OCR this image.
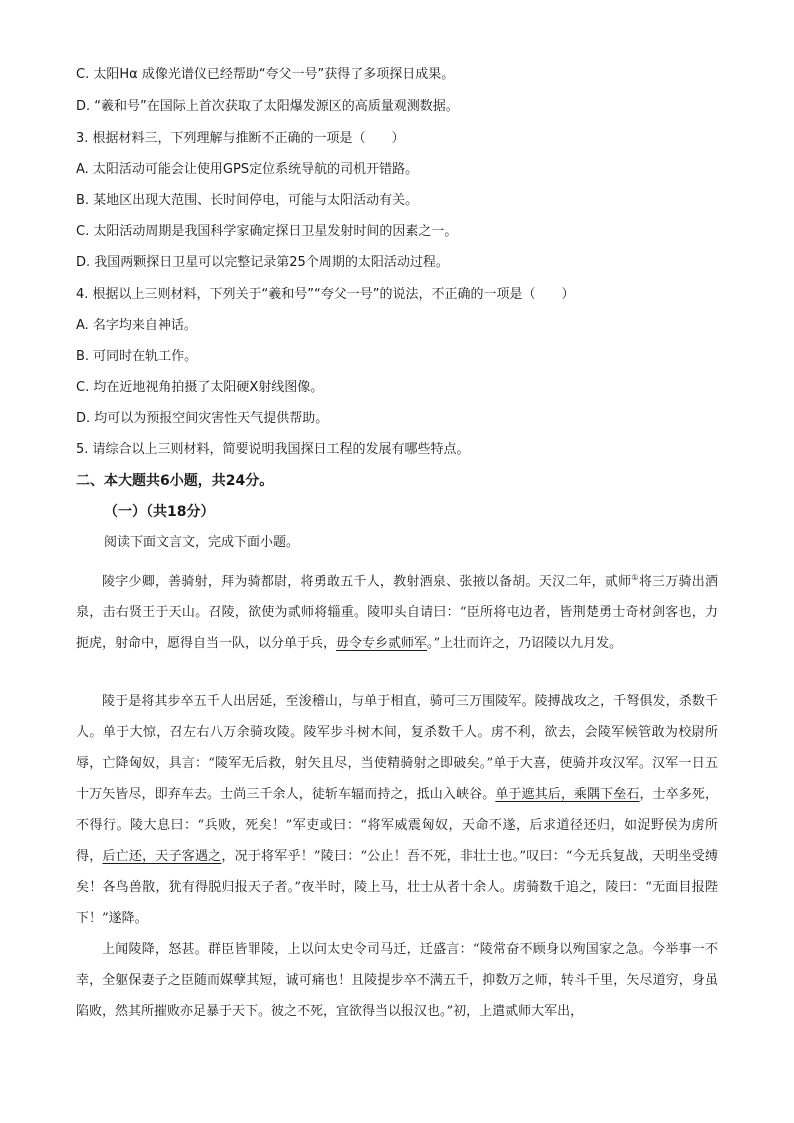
C. 太阳Hα 成像光谱仪已经帮助“夸父一号”获得了多项探日成果。
D. “羲和号”在国际上首次获取了太阳爆发源区的高质量观测数据。
3. 根据材料三，下列理解与推断不正确的一项是（　　）
A. 太阳活动可能会让使用GPS定位系统导航的司机开错路。
B. 某地区出现大范围、长时间停电，可能与太阳活动有关。
C. 太阳活动周期是我国科学家确定探日卫星发射时间的因素之一。
D. 我国两颗探日卫星可以完整记录第25个周期的太阳活动过程。
4. 根据以上三则材料，下列关于“羲和号”“夸父一号”的说法，不正确的一项是（　　）
A. 名字均来自神话。
B. 可同时在轨工作。
C. 均在近地视角拍摄了太阳硬X射线图像。
D. 均可以为预报空间灾害性天气提供帮助。
5. 请综合以上三则材料，简要说明我国探日工程的发展有哪些特点。
二、本大题共6小题，共24分。
（一）（共18分）
阅读下面文言文，完成下面小题。

陵字少卿，善骑射，拜为骑都尉，将勇敢五千人，教射酒泉、张掖以备胡。天汉二年，贰师①将三万骑出酒泉，击右贤王于天山。召陵，欲使为贰师将辎重。陵叩头自请曰：“臣所将屯边者，皆荆楚勇士奇材剑客也，力扼虎，射命中，愿得自当一队，以分单于兵，毋令专乡贰师军。”上壮而许之，乃诏陵以九月发。

陵于是将其步卒五千人出居延，至浚稽山，与单于相直，骑可三万围陵军。陵搏战攻之，千弩俱发，杀数千人。单于大惊，召左右八万余骑攻陵。陵军步斗树木间，复杀数千人。虏不利，欲去，会陵军候管敢为校尉所辱，亡降匈奴，具言：“陵军无后救，射矢且尽，当使精骑射之即破矣。”单于大喜，使骑并攻汉军。汉军一日五十万矢皆尽，即弃车去。士尚三千余人，徒斩车辐而持之，抵山入峡谷。单于遮其后，乘隅下垒石，士卒多死，不得行。陵大息曰：“兵败，死矣！”军吏或曰：“将军威震匈奴，天命不遂，后求道径还归，如浞野侯为虏所得，后亡还，天子客遇之，况于将军乎！”陵曰：“公止！吾不死，非壮士也。”叹曰：“今无兵复战，天明坐受缚矣！各鸟兽散，犹有得脱归报天子者。”夜半时，陵上马，壮士从者十余人。虏骑数千追之，陵曰：“无面目报陛下！”遂降。

上闻陵降，怒甚。群臣皆罪陵，上以问太史令司马迁，迁盛言：“陵常奋不顾身以殉国家之急。今举事一不幸，全躯保妻子之臣随而媒孽其短，诚可痛也！且陵提步卒不满五千，抑数万之师，转斗千里，矢尽道穷，身虽陷败，然其所摧败亦足暴于天下。彼之不死，宜欲得当以报汉也。”初，上遣贰师大军出，
